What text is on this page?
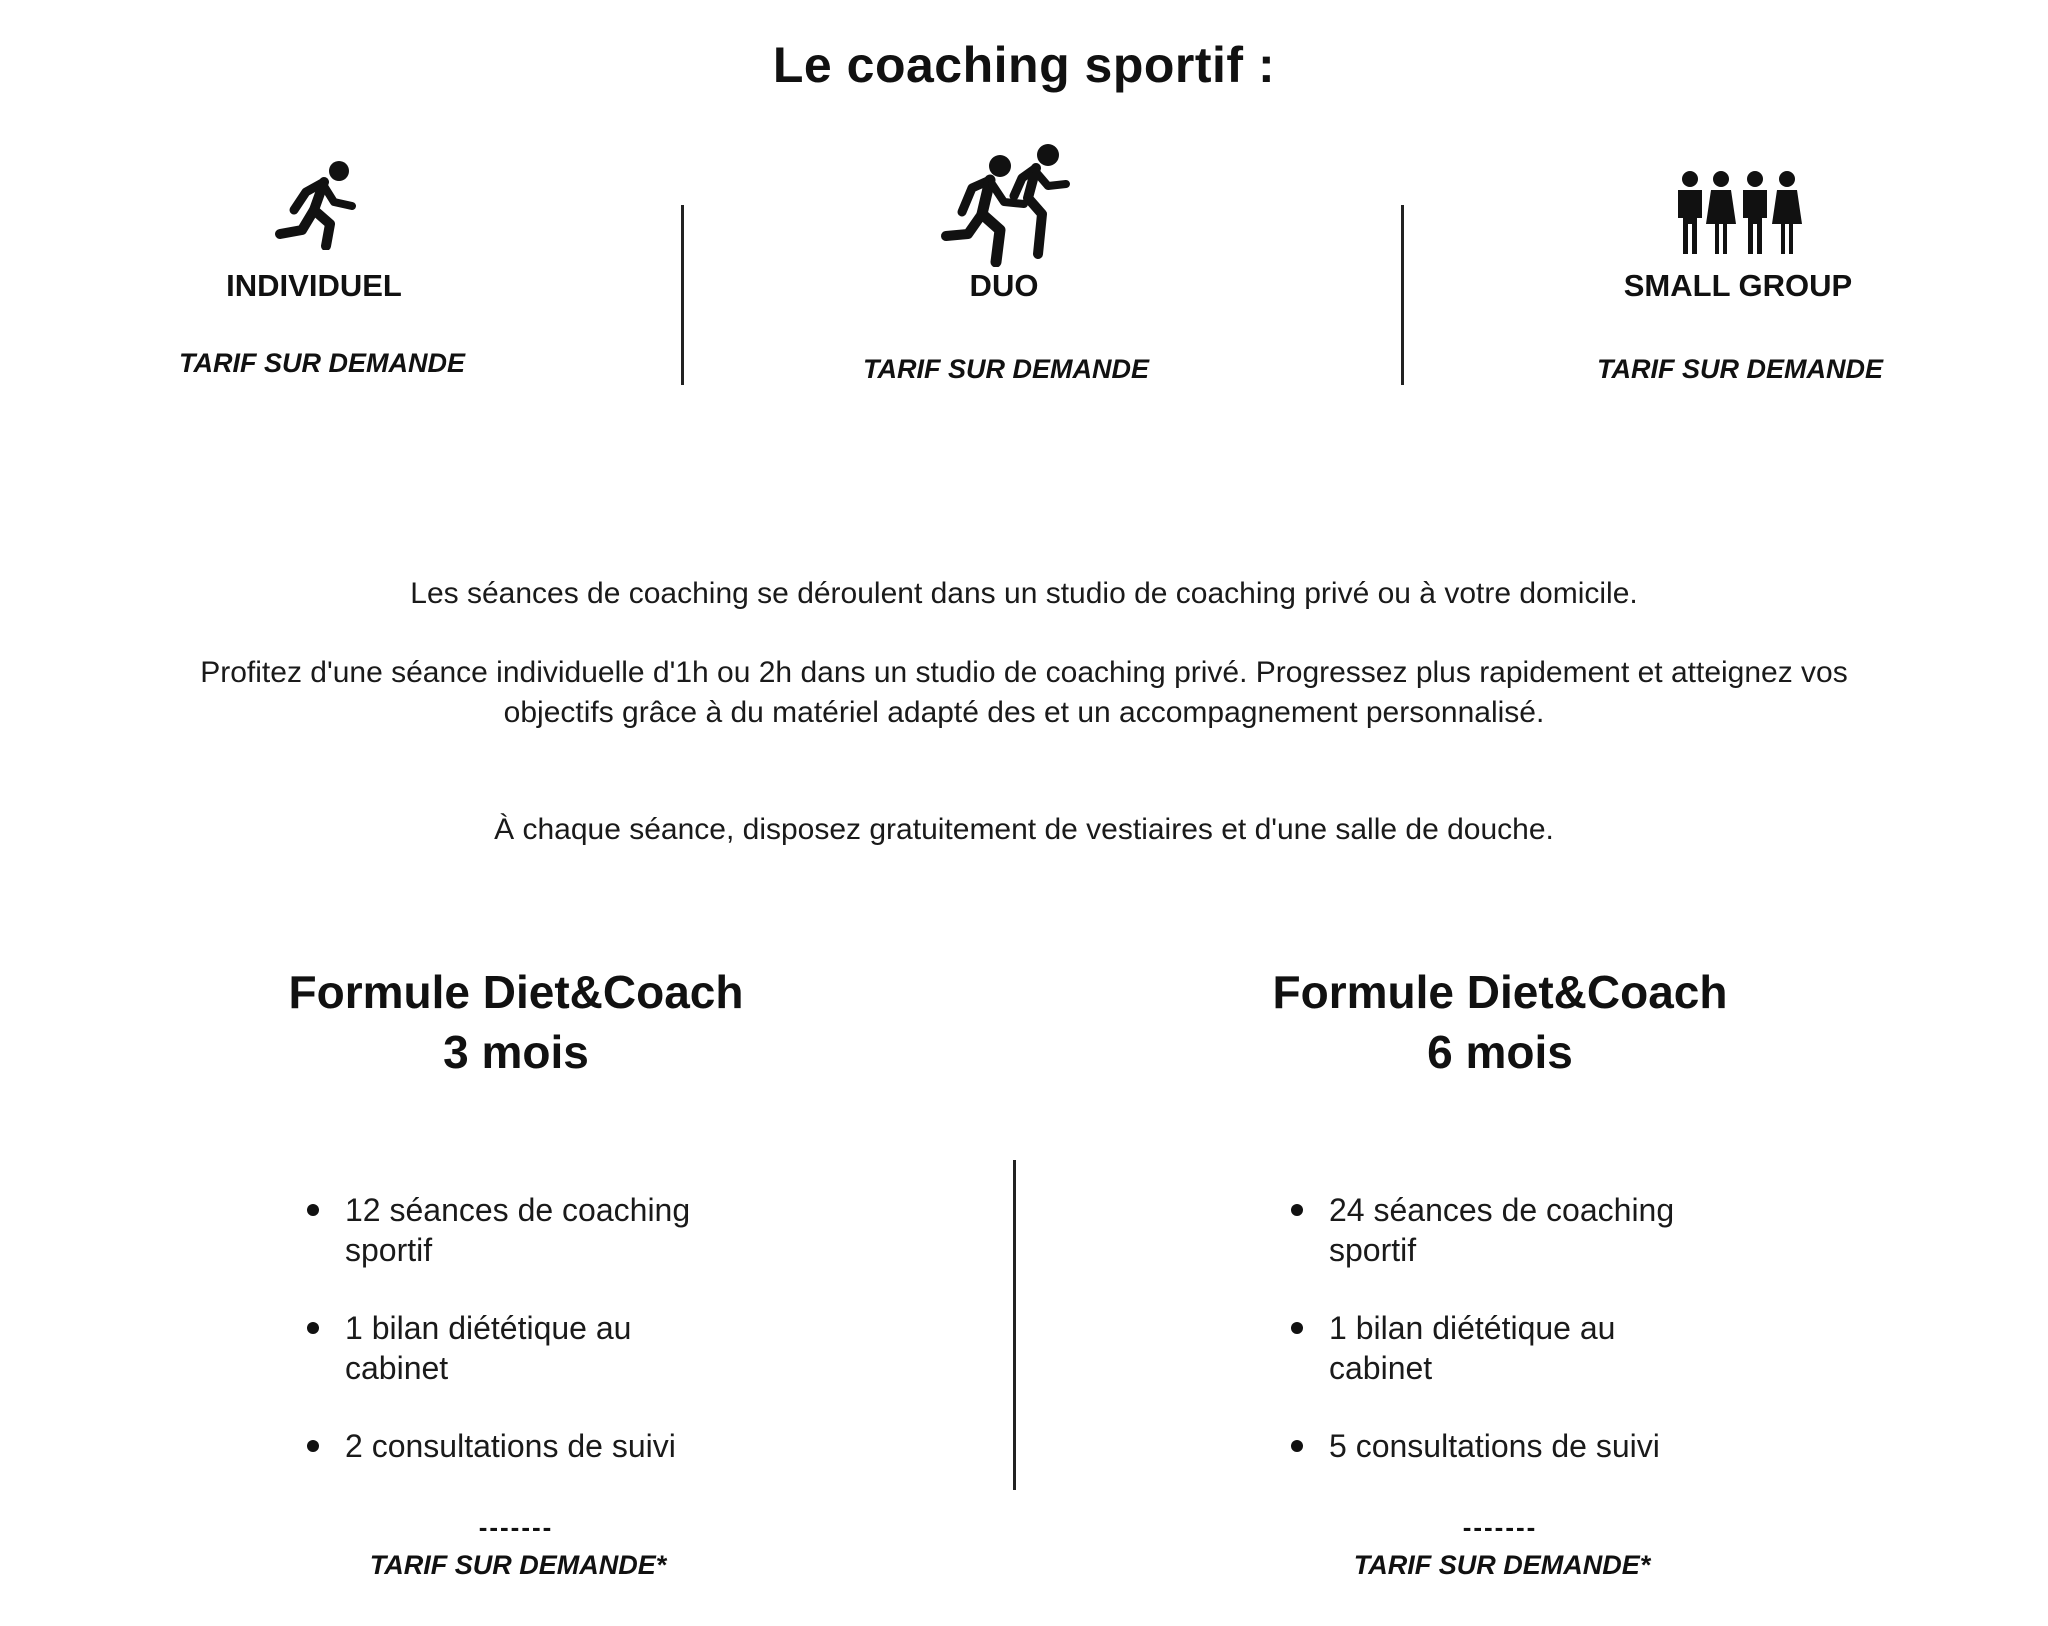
Le coaching sportif :
INDIVIDUEL
TARIF SUR DEMANDE
DUO
TARIF SUR DEMANDE
SMALL GROUP
TARIF SUR DEMANDE
Les séances de coaching se déroulent dans un studio de coaching privé ou à votre domicile.
Profitez d'une séance individuelle d'1h ou 2h dans un studio de coaching privé. Progressez plus rapidement et atteignez vos
objectifs grâce à du matériel adapté des et un accompagnement personnalisé.
À chaque séance, disposez gratuitement de vestiaires et d'une salle de douche.
Formule Diet&Coach
3 mois
12 séances de coaching
sportif
1 bilan diététique au
cabinet
2 consultations de suivi
-------
TARIF SUR DEMANDE*
Formule Diet&Coach
6 mois
24 séances de coaching
sportif
1 bilan diététique au
cabinet
5 consultations de suivi
-------
TARIF SUR DEMANDE*
